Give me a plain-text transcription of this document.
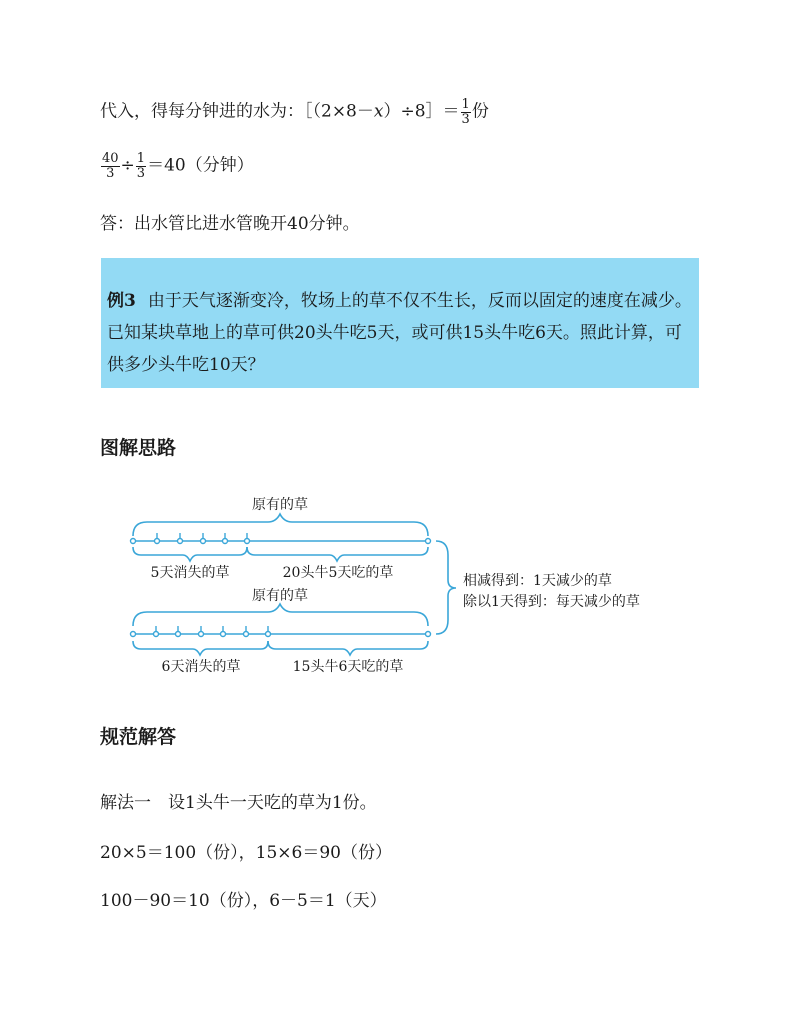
代入，得每分钟进的水为：［（2×8－x）÷8］＝ $\frac{1}{3}$ 份
$\frac{40}{3} \div \frac{1}{3} =40$（分钟）
答：出水管比进水管晚开40分钟。
例3 由于天气逐渐变冷，牧场上的草不仅不生长，反而以固定的速度在减少。已知某块草地上的草可供20头牛吃5天，或可供15头牛吃6天。照此计算，可供多少头牛吃10天？
图解思路
原有的草
5天消失的草	20头牛5天吃的草
原有的草
6天消失的草	15头牛6天吃的草
相减得到：1天减少的草
除以1天得到：每天减少的草
规范解答
解法一　设1头牛一天吃的草为1份。
20×5＝100（份），15×6＝90（份）
100－90＝10（份），6－5＝1（天）
